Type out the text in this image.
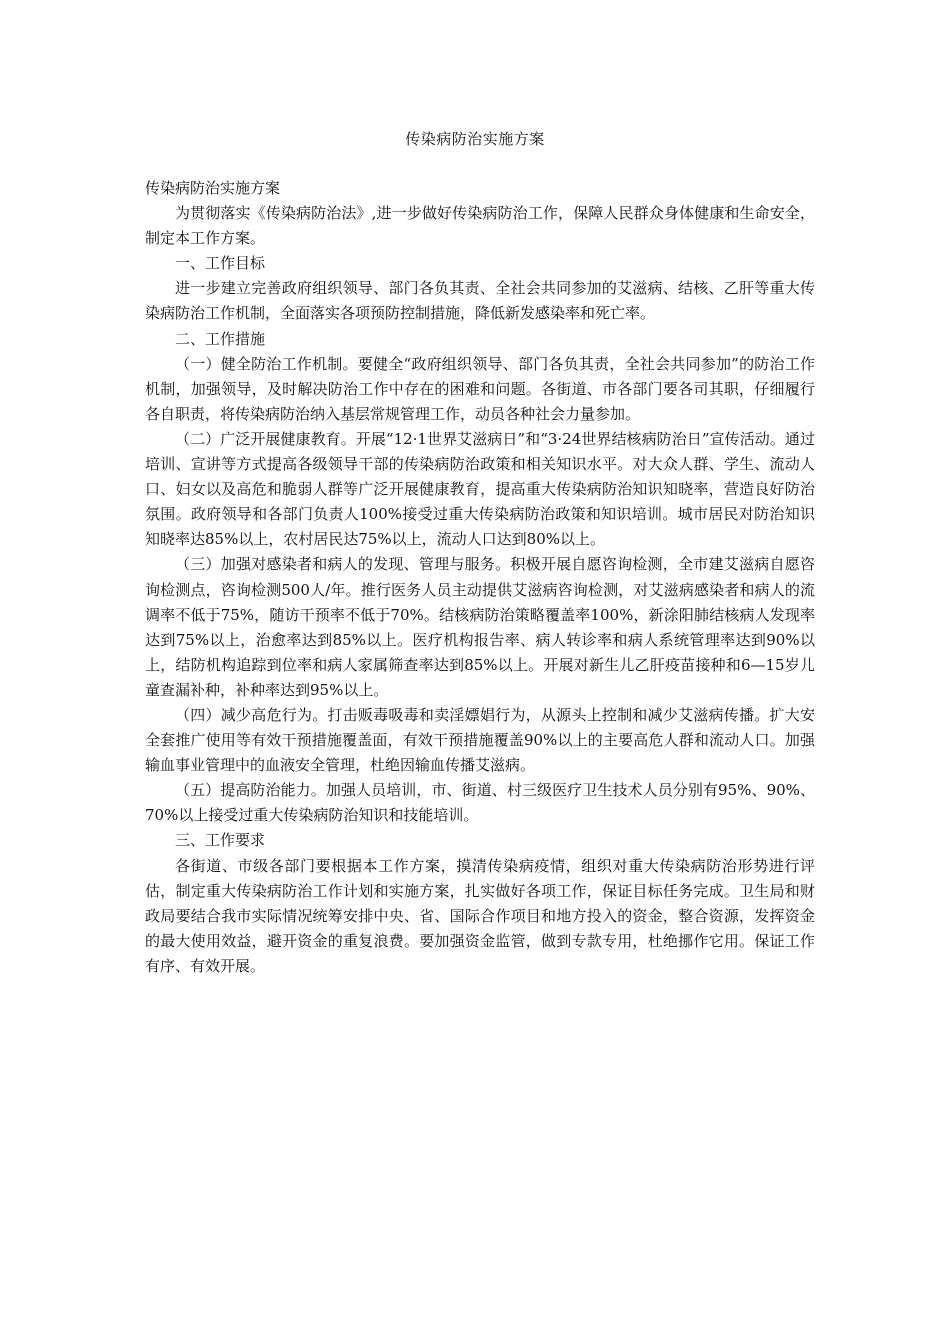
传染病防治实施方案

传染病防治实施方案

为贯彻落实《传染病防治法》,进一步做好传染病防治工作，保障人民群众身体健康和生命安全，制定本工作方案。

一、工作目标

进一步建立完善政府组织领导、部门各负其责、全社会共同参加的艾滋病、结核、乙肝等重大传染病防治工作机制，全面落实各项预防控制措施，降低新发感染率和死亡率。

二、工作措施

（一）健全防治工作机制。要健全“政府组织领导、部门各负其责，全社会共同参加”的防治工作机制，加强领导，及时解决防治工作中存在的困难和问题。各街道、市各部门要各司其职，仔细履行各自职责，将传染病防治纳入基层常规管理工作，动员各种社会力量参加。

（二）广泛开展健康教育。开展“12·1世界艾滋病日”和“3·24世界结核病防治日”宣传活动。通过培训、宣讲等方式提高各级领导干部的传染病防治政策和相关知识水平。对大众人群、学生、流动人口、妇女以及高危和脆弱人群等广泛开展健康教育，提高重大传染病防治知识知晓率，营造良好防治氛围。政府领导和各部门负责人100%接受过重大传染病防治政策和知识培训。城市居民对防治知识知晓率达85%以上，农村居民达75%以上，流动人口达到80%以上。

（三）加强对感染者和病人的发现、管理与服务。积极开展自愿咨询检测，全市建艾滋病自愿咨询检测点，咨询检测500人/年。推行医务人员主动提供艾滋病咨询检测，对艾滋病感染者和病人的流调率不低于75%，随访干预率不低于70%。结核病防治策略覆盖率100%，新涂阳肺结核病人发现率达到75%以上，治愈率达到85%以上。医疗机构报告率、病人转诊率和病人系统管理率达到90%以上，结防机构追踪到位率和病人家属筛查率达到85%以上。开展对新生儿乙肝疫苗接种和6—15岁儿童查漏补种，补种率达到95%以上。

（四）减少高危行为。打击贩毒吸毒和卖淫嫖娼行为，从源头上控制和减少艾滋病传播。扩大安全套推广使用等有效干预措施覆盖面，有效干预措施覆盖90%以上的主要高危人群和流动人口。加强输血事业管理中的血液安全管理，杜绝因输血传播艾滋病。

（五）提高防治能力。加强人员培训，市、街道、村三级医疗卫生技术人员分别有95%、90%、70%以上接受过重大传染病防治知识和技能培训。

三、工作要求

各街道、市级各部门要根据本工作方案，摸清传染病疫情，组织对重大传染病防治形势进行评估，制定重大传染病防治工作计划和实施方案，扎实做好各项工作，保证目标任务完成。卫生局和财政局要结合我市实际情况统筹安排中央、省、国际合作项目和地方投入的资金，整合资源，发挥资金的最大使用效益，避开资金的重复浪费。要加强资金监管，做到专款专用，杜绝挪作它用。保证工作有序、有效开展。
